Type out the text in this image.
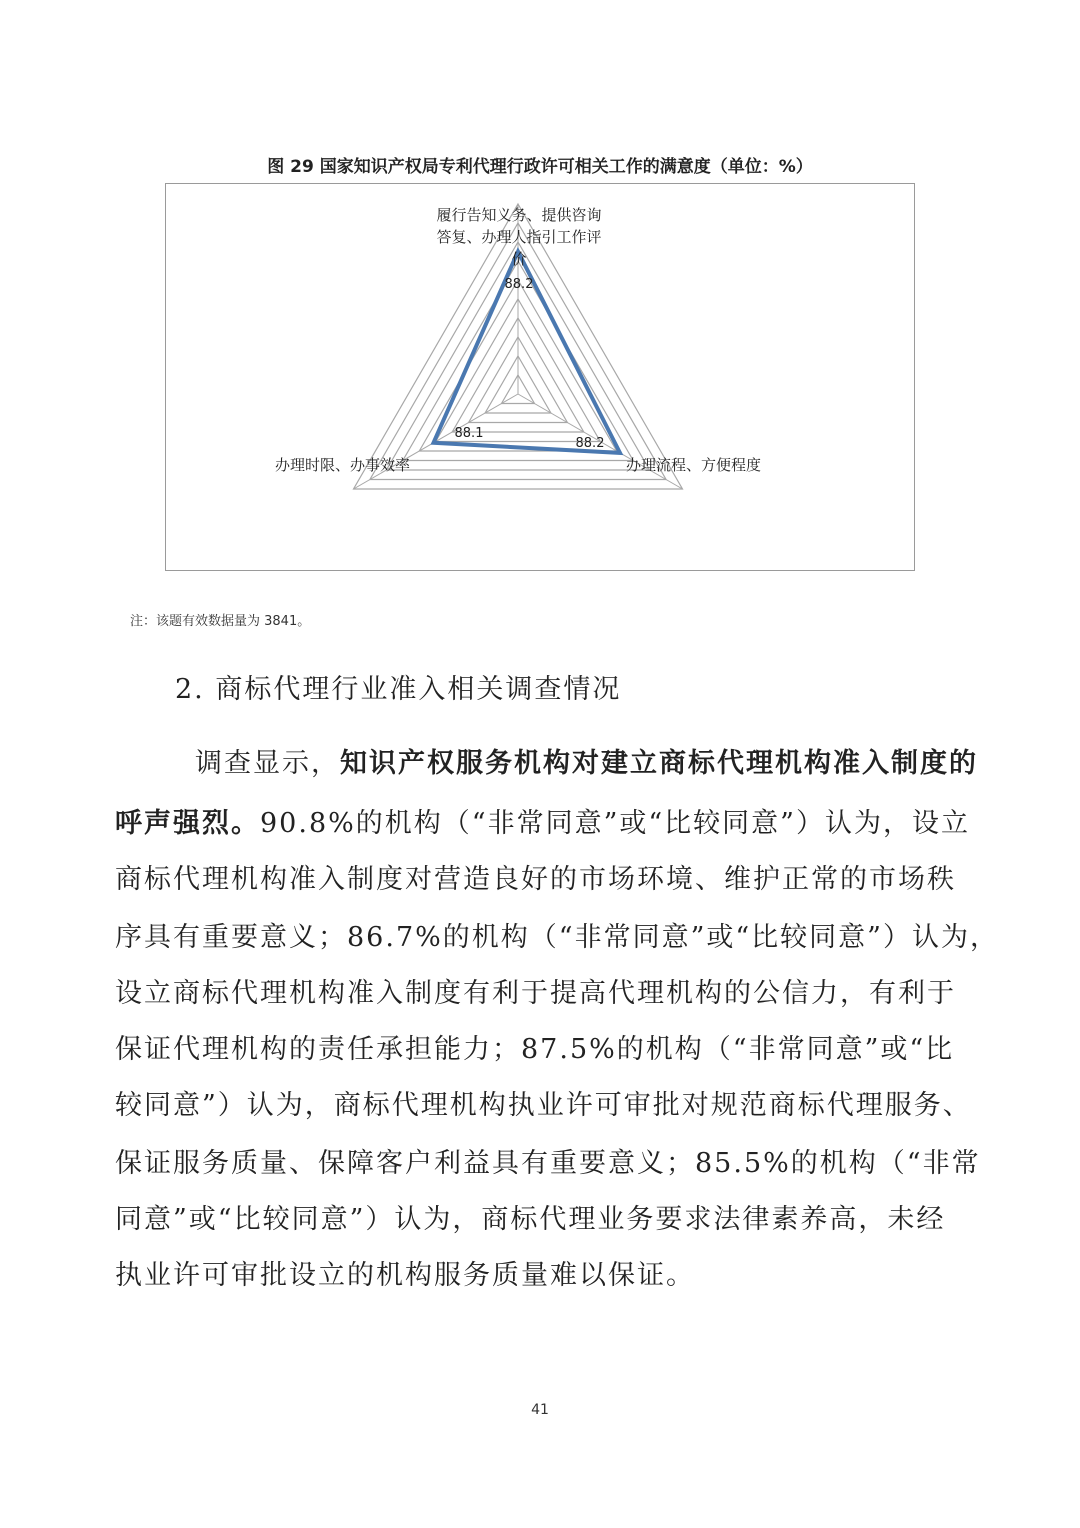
图 29 国家知识产权局专利代理行政许可相关工作的满意度（单位：%）
履行告知义务、提供咨询
答复、办理人指引工作评
价
88.2
办理流程、方便程度
88.2
办理时限、办事效率
88.1
注：该题有效数据量为 3841。
2. 商标代理行业准入相关调查情况
调查显示，知识产权服务机构对建立商标代理机构准入制度的
呼声强烈。90.8%的机构（“非常同意”或“比较同意”）认为，设立
商标代理机构准入制度对营造良好的市场环境、维护正常的市场秩
序具有重要意义；86.7%的机构（“非常同意”或“比较同意”）认为，
设立商标代理机构准入制度有利于提高代理机构的公信力，有利于
保证代理机构的责任承担能力；87.5%的机构（“非常同意”或“比
较同意”）认为，商标代理机构执业许可审批对规范商标代理服务、
保证服务质量、保障客户利益具有重要意义；85.5%的机构（“非常
同意”或“比较同意”）认为，商标代理业务要求法律素养高，未经
执业许可审批设立的机构服务质量难以保证。
41
